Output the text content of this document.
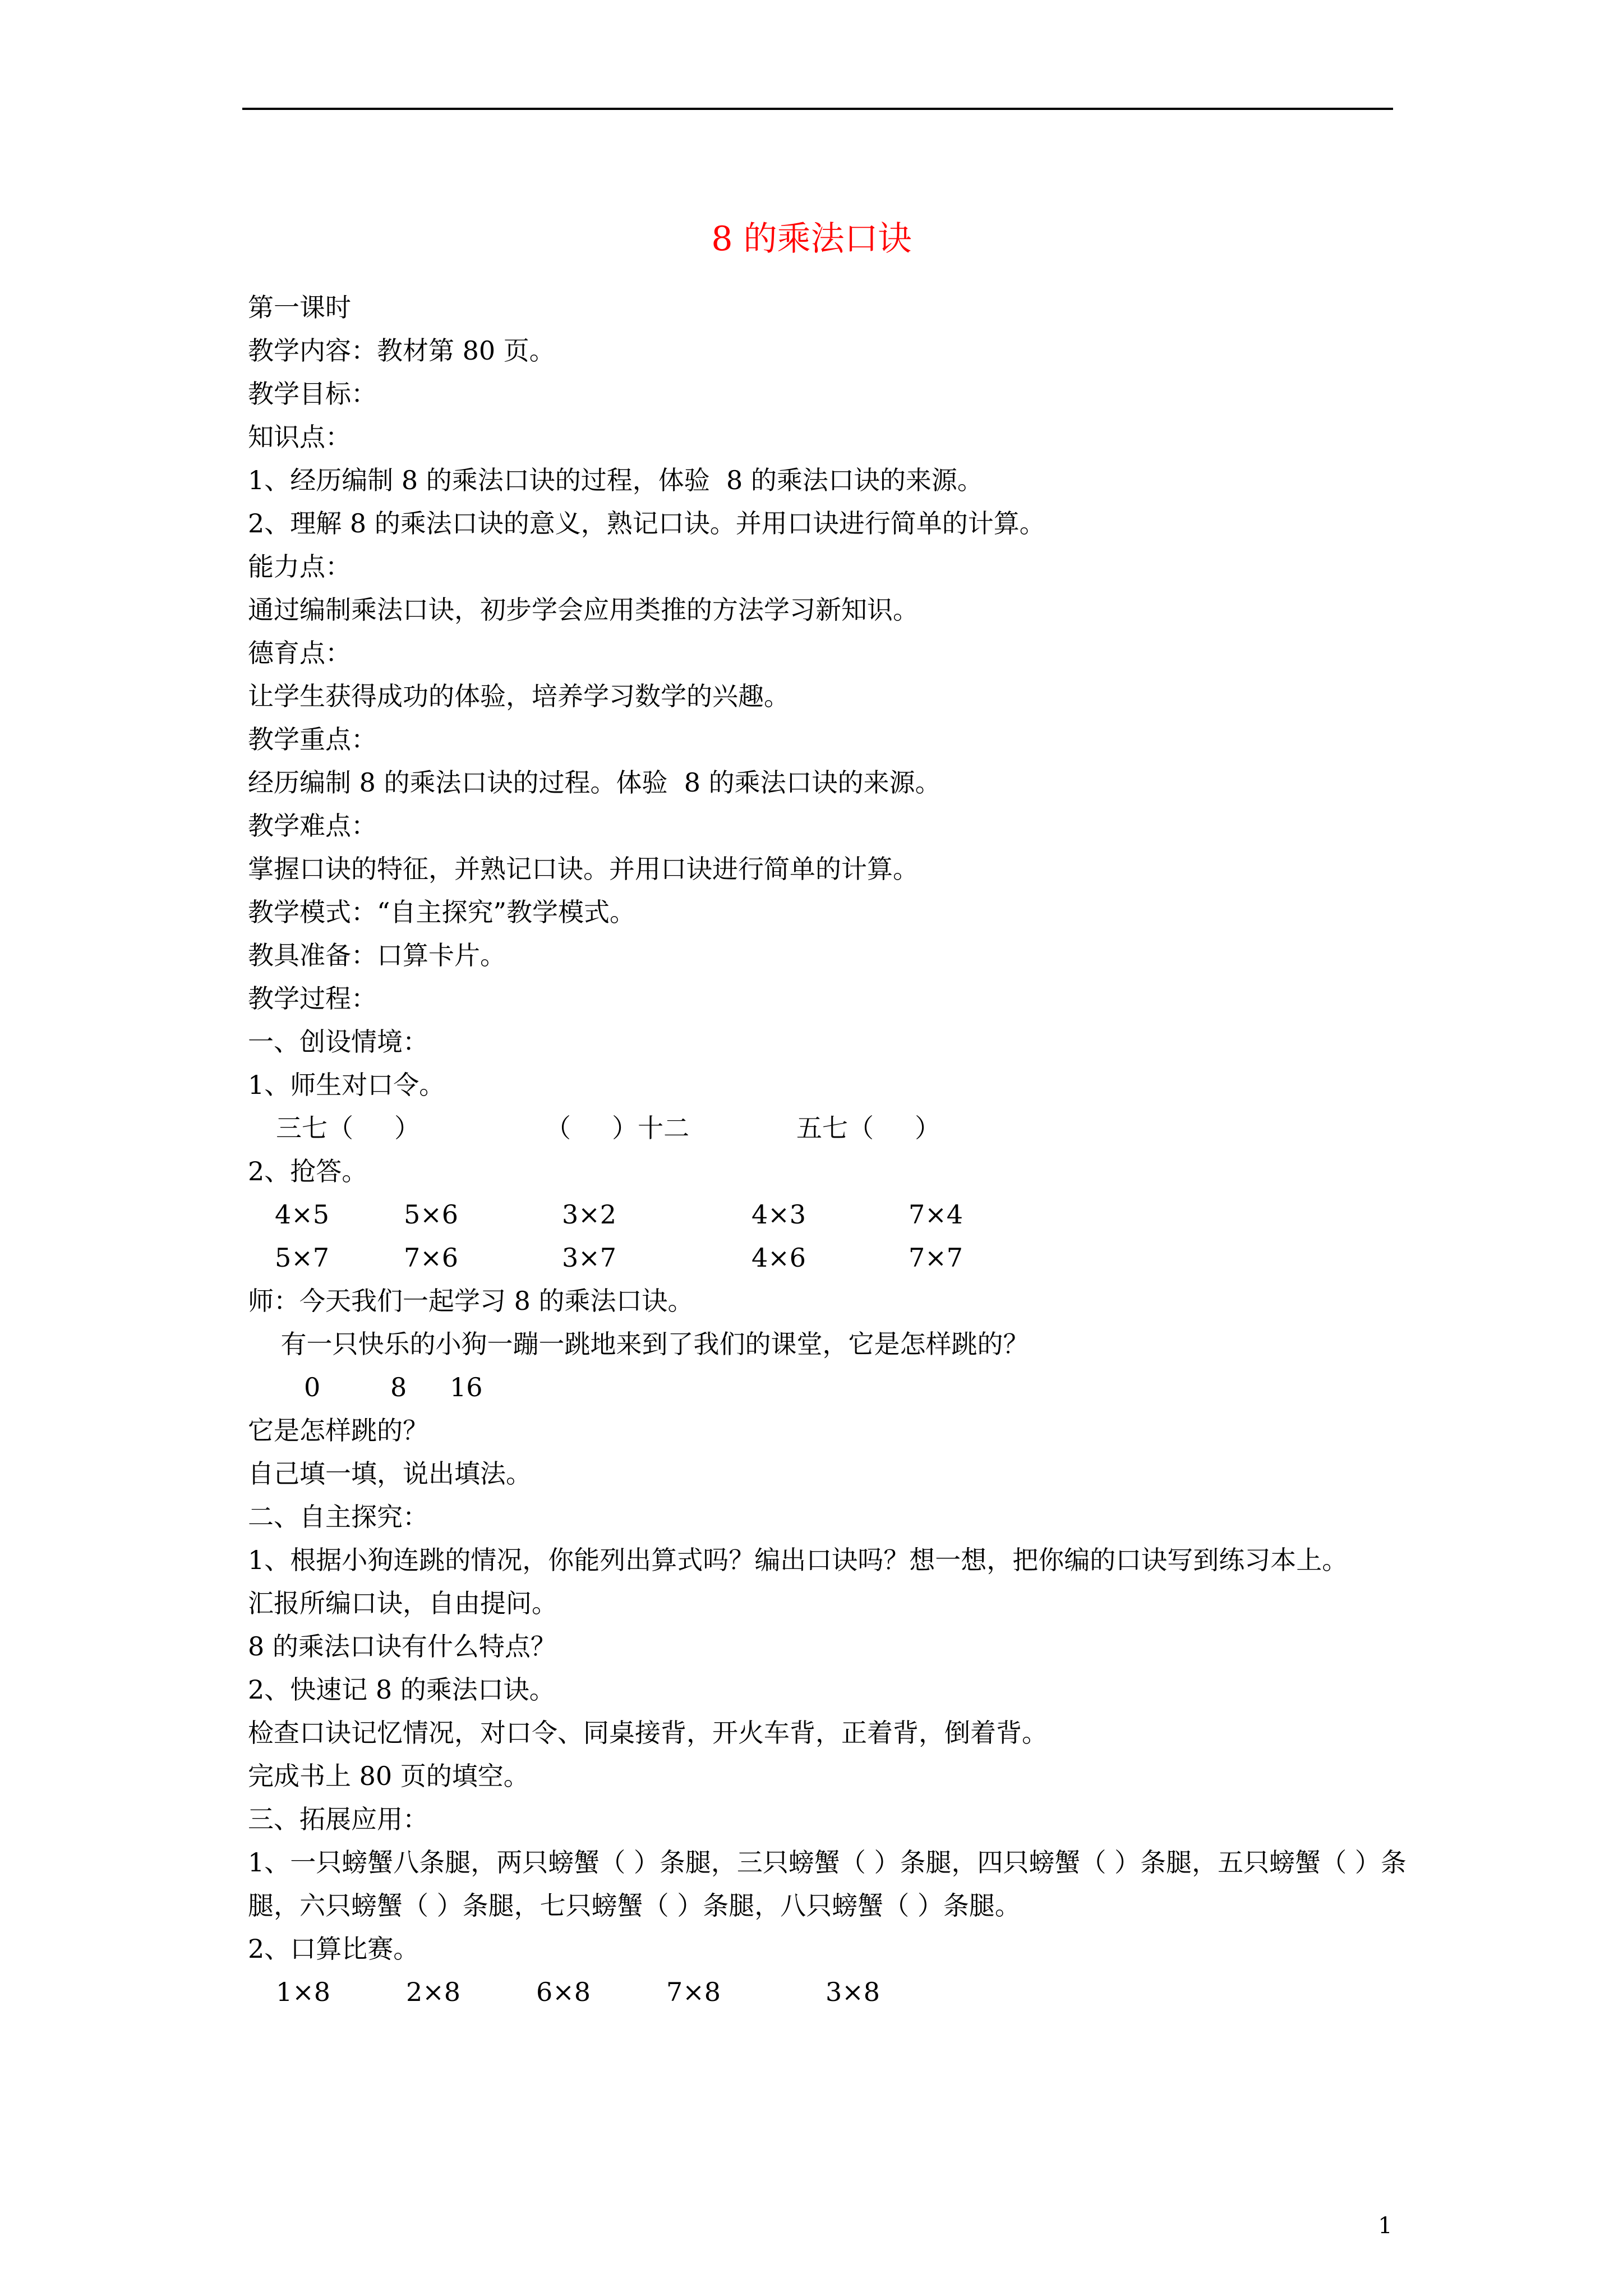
8 的乘法口诀
第一课时
教学内容：教材第 80 页。
教学目标：
知识点：
1、经历编制 8 的乘法口诀的过程，体验  8 的乘法口诀的来源。
2、理解 8 的乘法口诀的意义，熟记口诀。并用口诀进行简单的计算。
能力点：
通过编制乘法口诀，初步学会应用类推的方法学习新知识。
德育点：
让学生获得成功的体验，培养学习数学的兴趣。
教学重点：
经历编制 8 的乘法口诀的过程。体验  8 的乘法口诀的来源。
教学难点：
掌握口诀的特征，并熟记口诀。并用口诀进行简单的计算。
教学模式：“自主探究”教学模式。
教具准备：口算卡片。
教学过程：
一、创设情境：
1、师生对口令。
三七（     ）	（     ）十二	五七（     ）
2、抢答。
4×5	5×6	3×2	4×3	7×4
5×7	7×6	3×7	4×6	7×7
师：今天我们一起学习 8 的乘法口诀。
有一只快乐的小狗一蹦一跳地来到了我们的课堂，它是怎样跳的？
0	8 16
它是怎样跳的？
自己填一填，说出填法。
二、自主探究：
1、根据小狗连跳的情况，你能列出算式吗？编出口诀吗？想一想，把你编的口诀写到练习本上。
汇报所编口诀，自由提问。
8 的乘法口诀有什么特点？
2、快速记 8 的乘法口诀。
检查口诀记忆情况，对口令、同桌接背，开火车背，正着背，倒着背。
完成书上 80 页的填空。
三、拓展应用：
1、一只螃蟹八条腿，两只螃蟹（ ）条腿，三只螃蟹（ ）条腿，四只螃蟹（ ）条腿，五只螃蟹（ ）条腿，六只螃蟹（ ）条腿，七只螃蟹（ ）条腿，八只螃蟹（ ）条腿。
2、口算比赛。
1×8	2×8	6×8	7×8	3×8
1
